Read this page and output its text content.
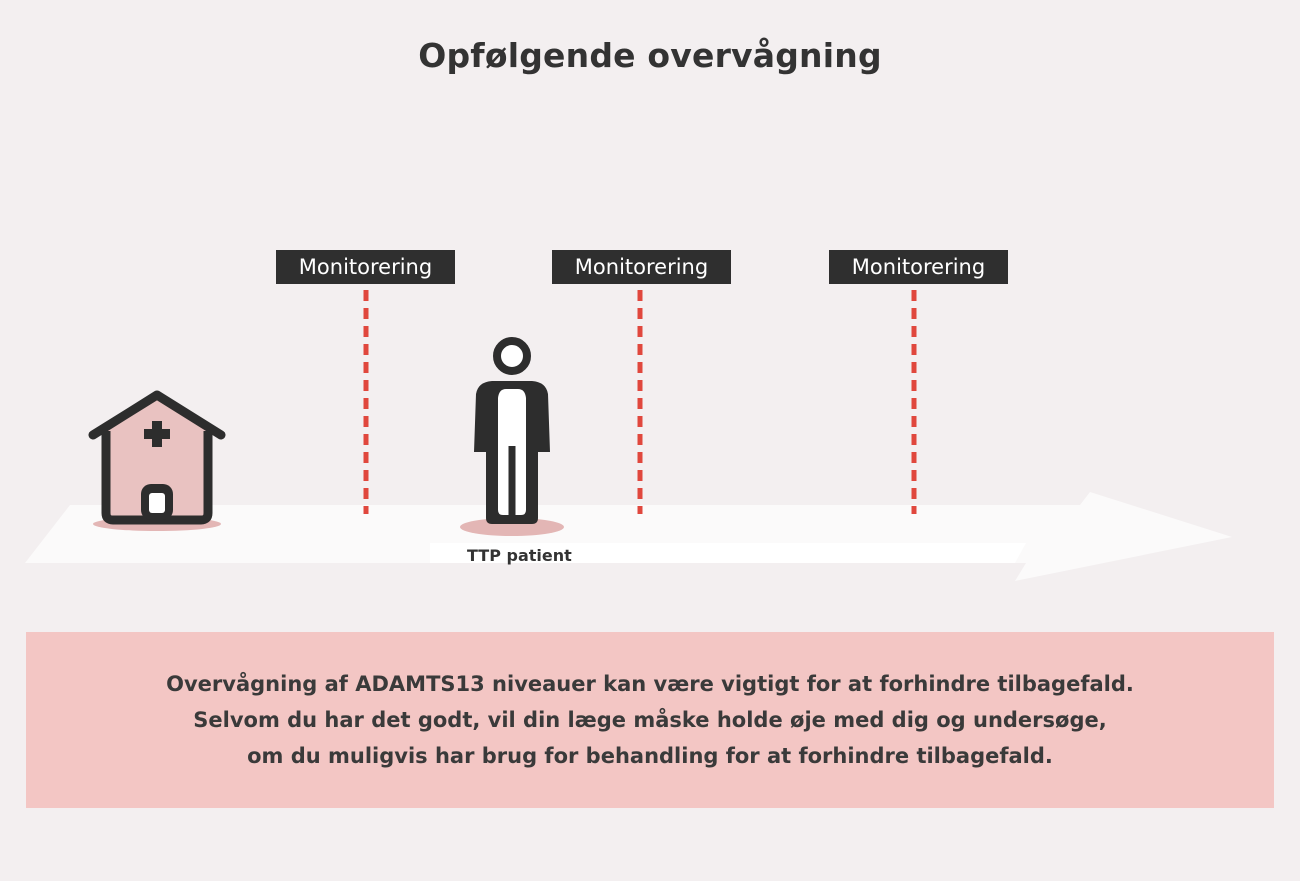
Opfølgende overvågning
Monitorering	Monitorering	Monitorering
TTP patient
Overvågning af ADAMTS13 niveauer kan være vigtigt for at forhindre tilbagefald.
Selvom du har det godt, vil din læge måske holde øje med dig og undersøge,
om du muligvis har brug for behandling for at forhindre tilbagefald.
